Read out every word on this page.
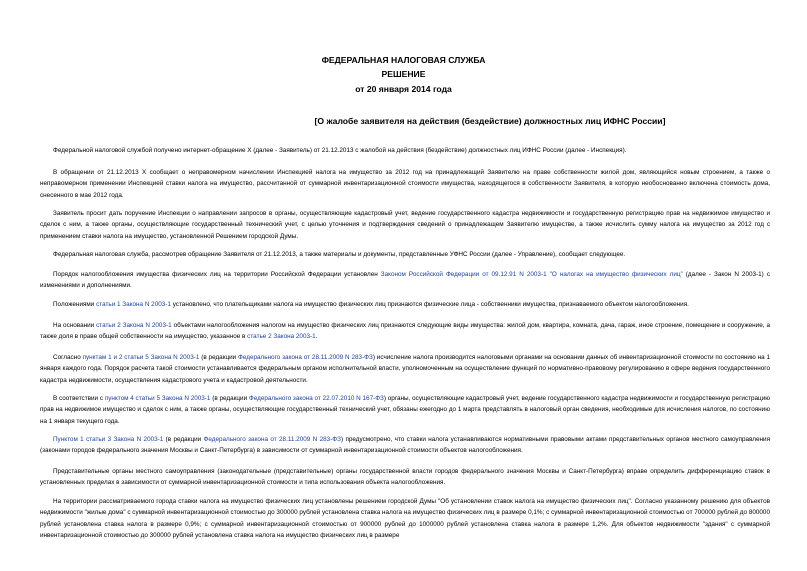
ФЕДЕРАЛЬНАЯ НАЛОГОВАЯ СЛУЖБА
РЕШЕНИЕ
от 20 января 2014 года
[О жалобе заявителя на действия (бездействие) должностных лиц ИФНС России]
Федеральной налоговой службой получено интернет-обращение Х (далее - Заявитель) от 21.12.2013 с жалобой на действия (бездействие) должностных лиц ИФНС России (далее - Инспекция).
В обращении от 21.12.2013 Х сообщает о неправомерном начислении Инспекцией налога на имущество за 2012 год на принадлежащий Заявителю на праве собственности жилой дом, являющийся новым строением, а также о неправомерном применении Инспекцией ставки налога на имущество, рассчитанной от суммарной инвентаризационной стоимости имущества, находящегося в собственности Заявителя, в которую необоснованно включена стоимость дома, снесенного в мае 2012 года.
Заявитель просит дать поручение Инспекции о направлении запросов в органы, осуществляющие кадастровый учет, ведение государственного кадастра недвижимости и государственную регистрацию прав на недвижимое имущество и сделок с ним, а также органы, осуществляющие государственный технический учет, с целью уточнения и подтверждения сведений о принадлежащем Заявителю имуществе, а также исчислить сумму налога на имущество за 2012 год с применением ставки налога на имущество, установленной Решением городской Думы.
Федеральная налоговая служба, рассмотрев обращение Заявителя от 21.12.2013, а также материалы и документы, представленные УФНС России (далее - Управление), сообщает следующее.
Порядок налогообложения имущества физических лиц на территории Российской Федерации установлен Законом Российской Федерации от 09.12.91 N 2003-1 "О налогах на имущество физических лиц" (далее - Закон N 2003-1) с изменениями и дополнениями.
Положениями статьи 1 Закона N 2003-1 установлено, что плательщиками налога на имущество физических лиц признаются физические лица - собственники имущества, признаваемого объектом налогообложения.
На основании статьи 2 Закона N 2003-1 объектами налогообложения налогом на имущество физических лиц признаются следующие виды имущества: жилой дом, квартира, комната, дача, гараж, иное строение, помещение и сооружение, а также доля в праве общей собственности на имущество, указанное в статье 2 Закона 2003-1.
Согласно пунктам 1 и 2 статьи 5 Закона N 2003-1 (в редакции Федерального закона от 28.11.2009 N 283-ФЗ) исчисление налога производится налоговыми органами на основании данных об инвентаризационной стоимости по состоянию на 1 января каждого года. Порядок расчета такой стоимости устанавливается федеральным органом исполнительной власти, уполномоченным на осуществление функций по нормативно-правовому регулированию в сфере ведения государственного кадастра недвижимости, осуществления кадастрового учета и кадастровой деятельности.
В соответствии с пунктом 4 статьи 5 Закона N 2003-1 (в редакции Федерального закона от 22.07.2010 N 167-ФЗ) органы, осуществляющие кадастровый учет, ведение государственного кадастра недвижимости и государственную регистрацию прав на недвижимое имущество и сделок с ним, а также органы, осуществляющие государственный технический учет, обязаны ежегодно до 1 марта представлять в налоговый орган сведения, необходимые для исчисления налогов, по состоянию на 1 января текущего года.
Пунктом 1 статьи 3 Закона N 2003-1 (в редакции Федерального закона от 28.11.2009 N 283-ФЗ) предусмотрено, что ставки налога устанавливаются нормативными правовыми актами представительных органов местного самоуправления (законами городов федерального значения Москвы и Санкт-Петербурга) в зависимости от суммарной инвентаризационной стоимости объектов налогообложения.
Представительные органы местного самоуправления (законодательные (представительные) органы государственной власти городов федерального значения Москвы и Санкт-Петербурга) вправе определить дифференциацию ставок в установленных пределах в зависимости от суммарной инвентаризационной стоимости и типа использования объекта налогообложения.
На территории рассматриваемого города ставки налога на имущество физических лиц установлены решением городской Думы "Об установлении ставок налога на имущество физических лиц". Согласно указанному решению для объектов недвижимости "жилые дома" с суммарной инвентаризационной стоимостью до 300000 рублей установлена ставка налога на имущество физических лиц в размере 0,1%; с суммарной инвентаризационной стоимостью от 700000 рублей до 800000 рублей установлена ставка налога в размере 0,9%; с суммарной инвентаризационной стоимостью от 900000 рублей до 1000000 рублей установлена ставка налога в размере 1,2%. Для объектов недвижимости "здания" с суммарной инвентаризационной стоимостью до 300000 рублей установлена ставка налога на имущество физических лиц в размере
